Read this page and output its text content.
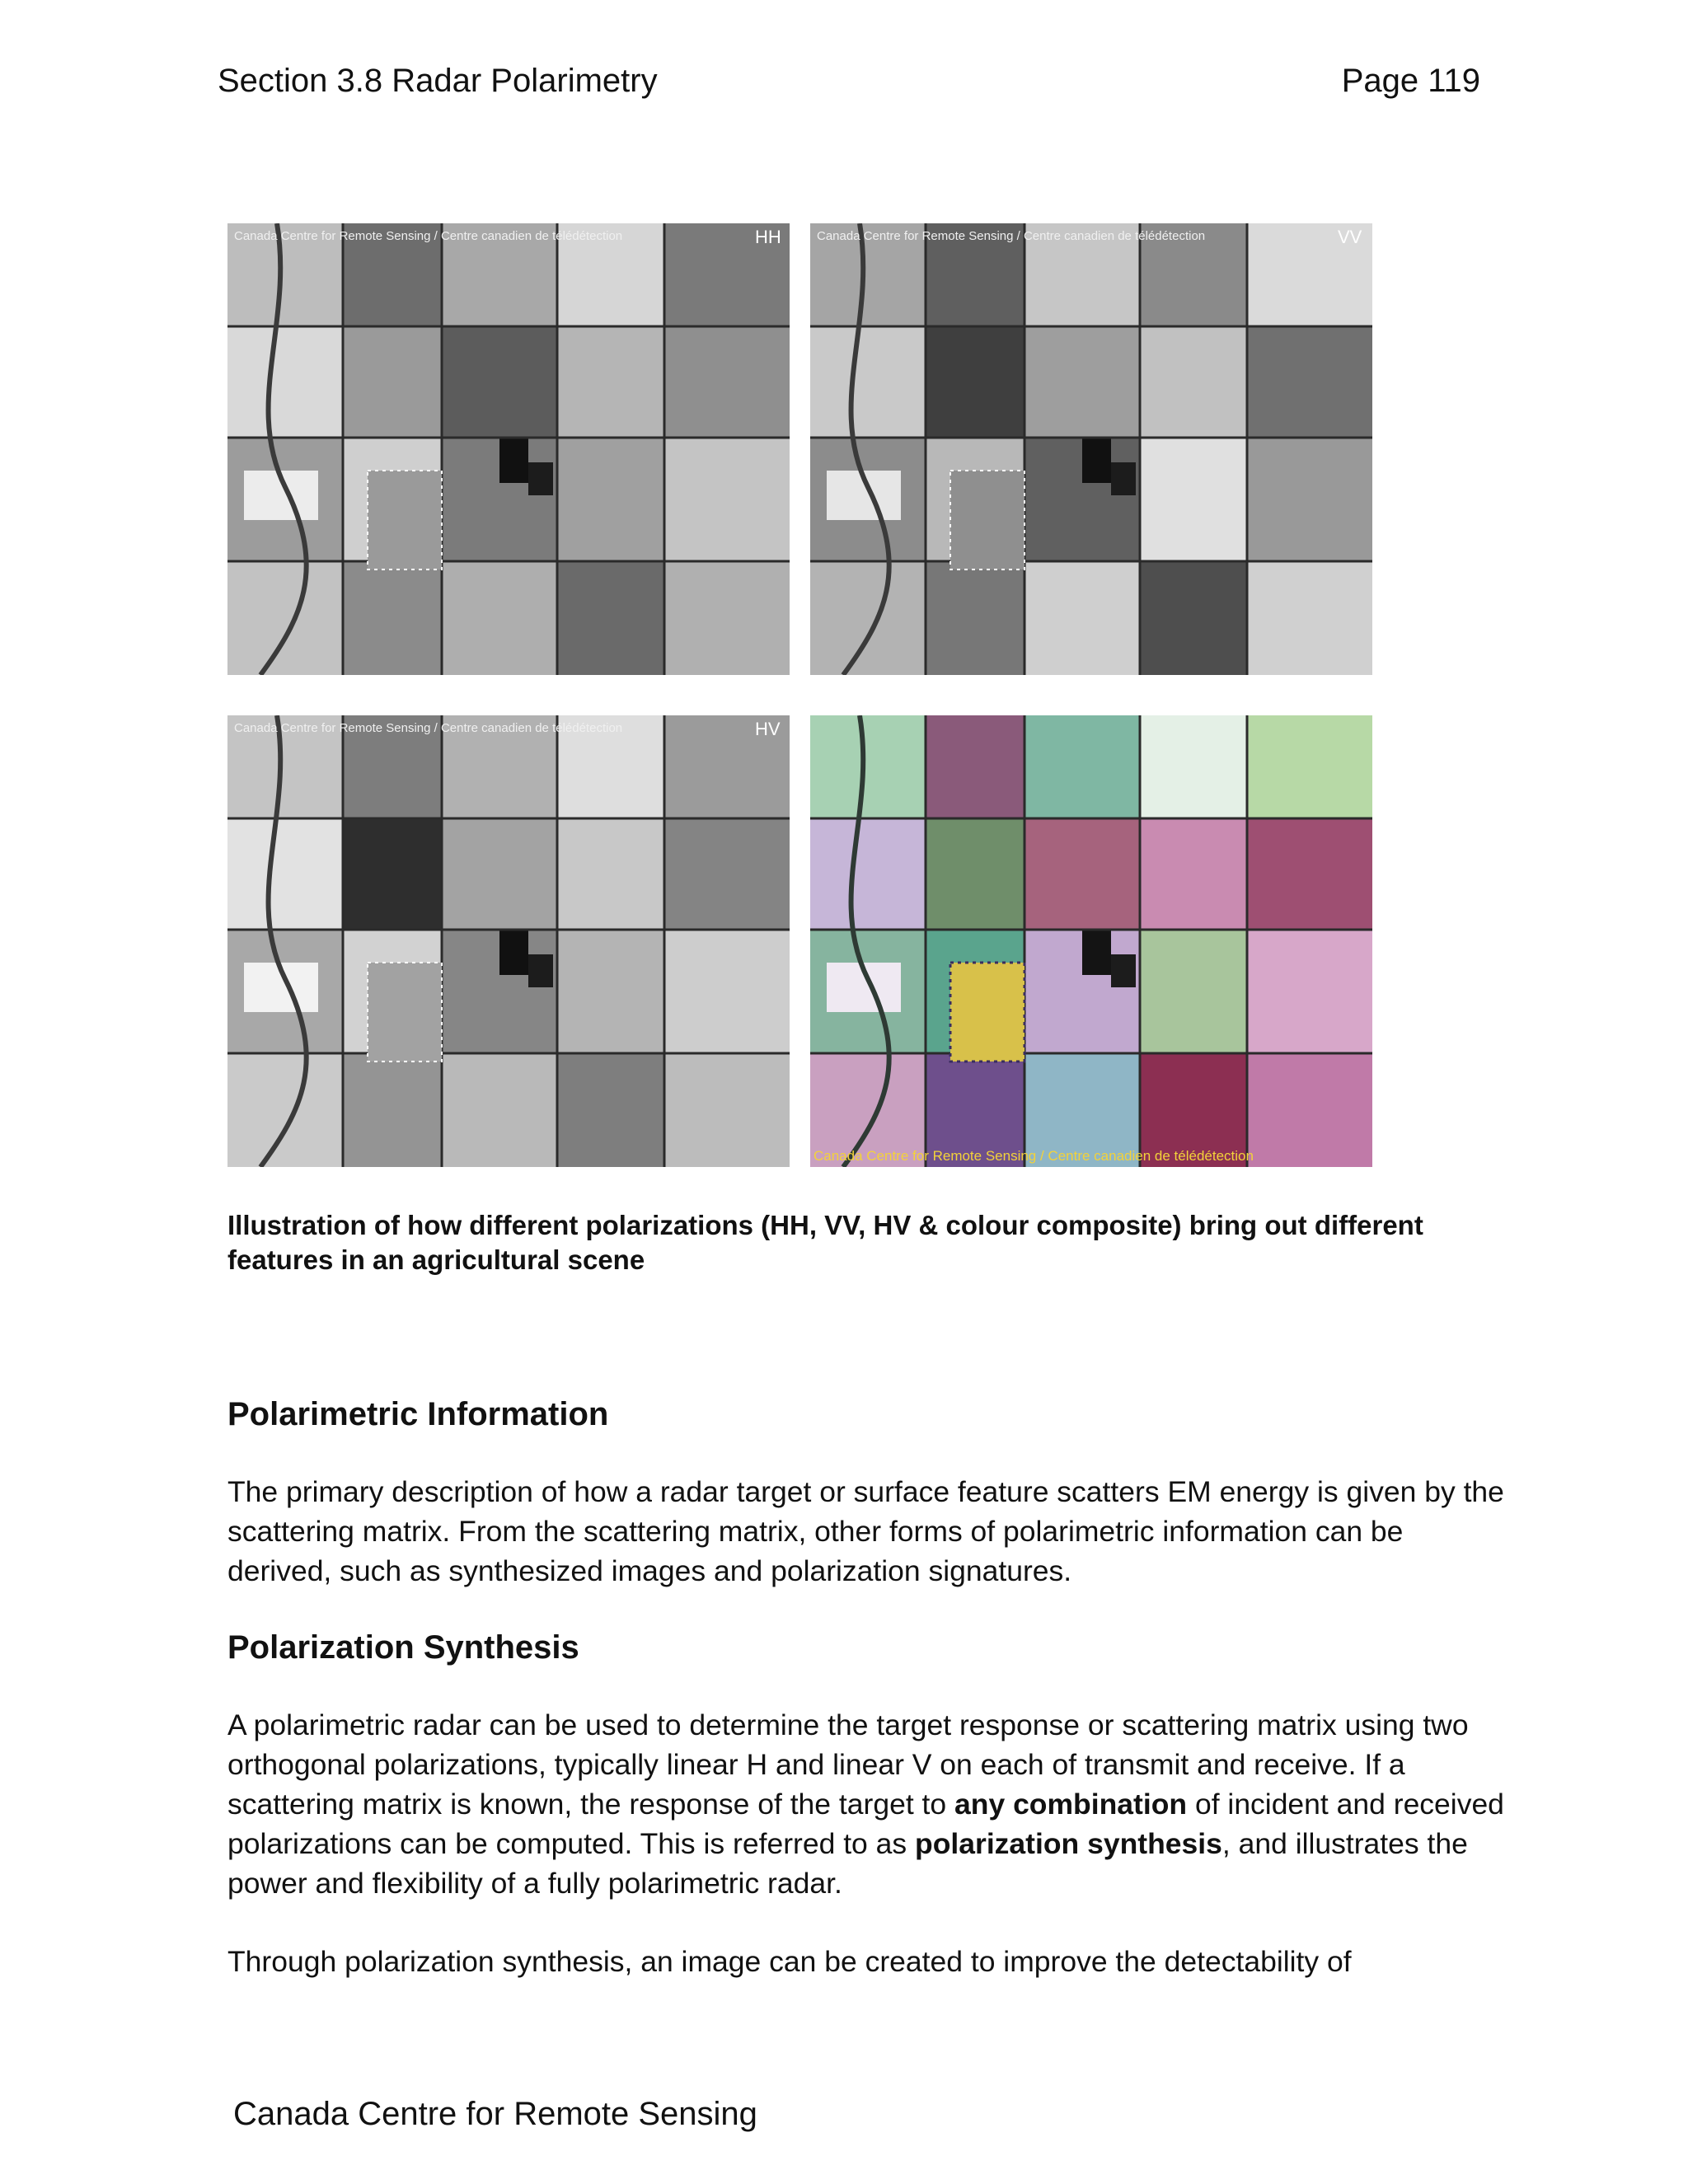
Section 3.8 Radar Polarimetry	Page 119
Canada Centre for Remote Sensing / Centre canadien de télédétection	HH	Canada Centre for Remote Sensing / Centre canadien de télédétection	VV
Canada Centre for Remote Sensing / Centre canadien de télédétection	HV
Canada Centre for Remote Sensing / Centre canadien de télédétection
Illustration of how different polarizations (HH, VV, HV & colour composite) bring out different features in an agricultural scene
Polarimetric Information
The primary description of how a radar target or surface feature scatters EM energy is given by the scattering matrix. From the scattering matrix, other forms of polarimetric information can be derived, such as synthesized images and polarization signatures.
Polarization Synthesis
A polarimetric radar can be used to determine the target response or scattering matrix using two orthogonal polarizations, typically linear H and linear V on each of transmit and receive. If a scattering matrix is known, the response of the target to any combination of incident and received polarizations can be computed. This is referred to as polarization synthesis, and illustrates the power and flexibility of a fully polarimetric radar.
Through polarization synthesis, an image can be created to improve the detectability of
Canada Centre for Remote Sensing
